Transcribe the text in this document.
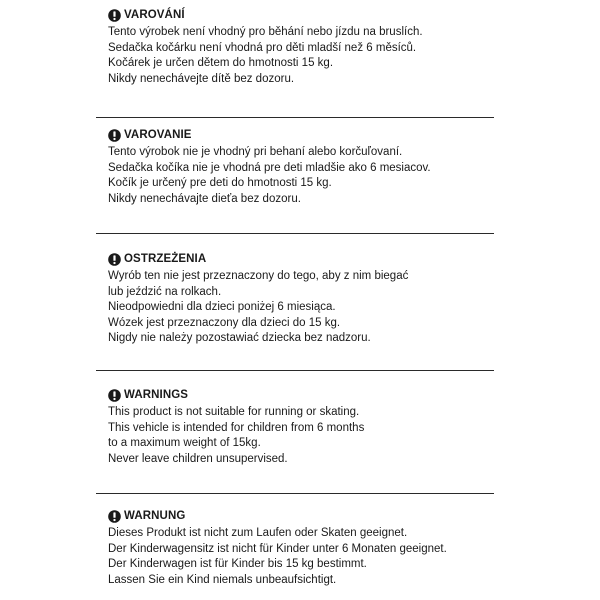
VAROVÁNÍ
Tento výrobek není vhodný pro běhání nebo jízdu na bruslích.
Sedačka kočárku není vhodná pro děti mladší než 6 měsíců.
Kočárek je určen dětem do hmotnosti 15 kg.
Nikdy nenechávejte dítě bez dozoru.
VAROVANIE
Tento výrobok nie je vhodný pri behaní alebo korčuľovaní.
Sedačka kočíka nie je vhodná pre deti mladšie ako 6 mesiacov.
Kočík je určený pre deti do hmotnosti 15 kg.
Nikdy nenechávajte dieťa bez dozoru.
OSTRZEŻENIA
Wyrób ten nie jest przeznaczony do tego, aby z nim biegać
lub jeździć na rolkach.
Nieodpowiedni dla dzieci poniżej 6 miesiąca.
Wózek jest przeznaczony dla dzieci do 15 kg.
Nigdy nie należy pozostawiać dziecka bez nadzoru.
WARNINGS
This product is not suitable for running or skating.
This vehicle is intended for children from 6 months
to a maximum weight of 15kg.
Never leave children unsupervised.
WARNUNG
Dieses Produkt ist nicht zum Laufen oder Skaten geeignet.
Der Kinderwagensitz ist nicht für Kinder unter 6 Monaten geeignet.
Der Kinderwagen ist für Kinder bis 15 kg bestimmt.
Lassen Sie ein Kind niemals unbeaufsichtigt.
